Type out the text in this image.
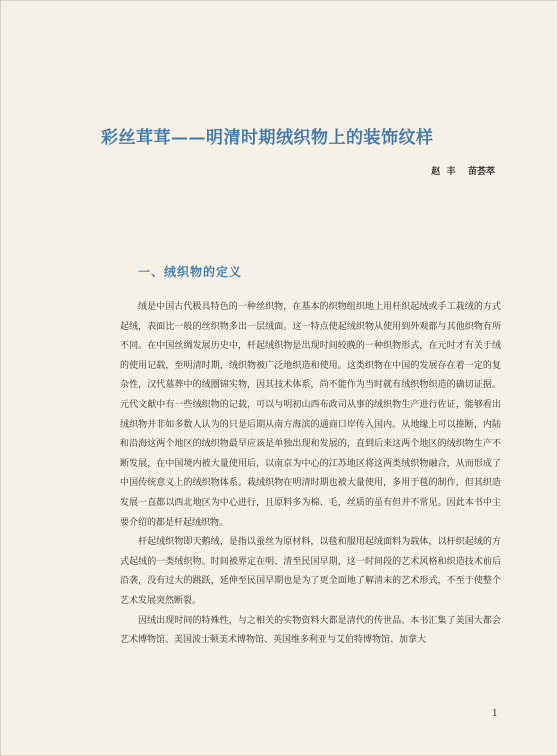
彩丝茸茸——明清时期绒织物上的装饰纹样
赵  丰    苗荟萃
一、绒织物的定义

绒是中国古代极具特色的一种丝织物，在基本的织物组织地上用杆织起绒或手工栽绒的方式起绒，表面比一般的丝织物多出一层绒面。这一特点使起绒织物从使用到外观都与其他织物有所不同。在中国丝绸发展历史中，杆起绒织物是出现时间较晚的一种织物形式，在元时才有关于绒的使用记载，至明清时期，绒织物被广泛地织造和使用。这类织物在中国的发展存在着一定的复杂性，汉代墓葬中的绒圈锦实物，因其技术体系，尚不能作为当时就有绒织物织造的确切证据。元代文献中有一些绒织物的记载，可以与明初山西布政司从事的绒织物生产进行佐证，能够看出绒织物并非如多数人认为的只是后期从南方海滨的通商口岸传入国内。从地缘上可以推断，内陆和沿海这两个地区的绒织物最早应该是单独出现和发展的，直到后来这两个地区的绒织物生产不断发展，在中国境内被大量使用后，以南京为中心的江苏地区将这两类绒织物融合，从而形成了中国传统意义上的绒织物体系。栽绒织物在明清时期也被大量使用，多用于毯的制作，但其织造发展一直都以西北地区为中心进行，且原料多为棉、毛，丝质的虽有但并不常见。因此本书中主要介绍的都是杆起绒织物。

杆起绒织物即天鹅绒，是指以蚕丝为原材料，以毯和服用起绒面料为载体，以杆织起绒的方式起绒的一类绒织物。时间被界定在明、清至民国早期，这一时间段的艺术风格和织造技术前后沿袭，没有过大的跳跃，延伸至民国早期也是为了更全面地了解清末的艺术形式，不至于使整个艺术发展突然断裂。

因绒出现时间的特殊性，与之相关的实物资料大都是清代的传世品。本书汇集了美国大都会艺术博物馆、美国波士顿美术博物馆、英国维多利亚与艾伯特博物馆、加拿大

1
